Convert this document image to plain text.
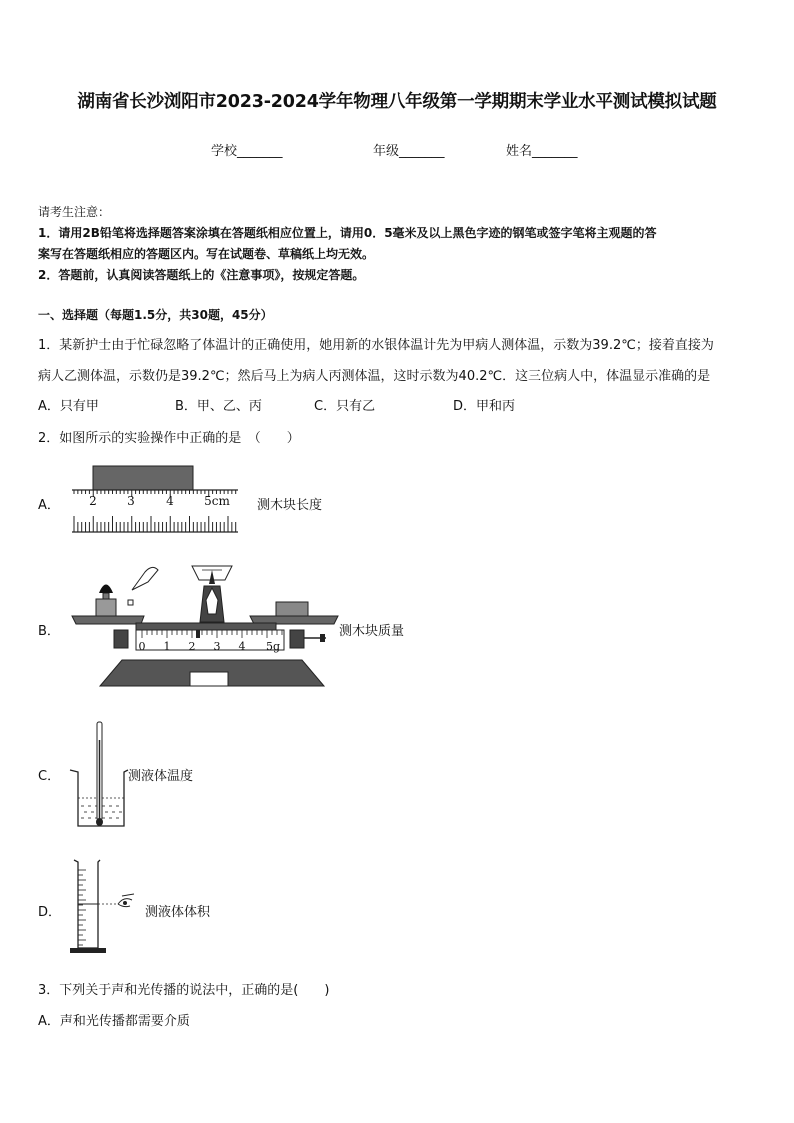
湖南省长沙浏阳市2023-2024学年物理八年级第一学期期末学业水平测试模拟试题
学校_______	年级_______	姓名_______
请考生注意：
1．请用2B铅笔将选择题答案涂填在答题纸相应位置上，请用0．5毫米及以上黑色字迹的钢笔或签字笔将主观题的答
案写在答题纸相应的答题区内。写在试题卷、草稿纸上均无效。
2．答题前，认真阅读答题纸上的《注意事项》，按规定答题。
一、选择题（每题1.5分，共30题，45分）
1．某新护士由于忙碌忽略了体温计的正确使用，她用新的水银体温计先为甲病人测体温，示数为39.2℃；接着直接为
病人乙测体温，示数仍是39.2℃；然后马上为病人丙测体温，这时示数为40.2℃．这三位病人中，体温显示准确的是
A．只有甲	B．甲、乙、丙	C．只有乙	D．甲和丙
2．如图所示的实验操作中正确的是　（　　）
A． 2	3	4	5cm 测木块长度
B．
0 1 2 3 4 5g
测木块质量
C．	测液体温度
D．	测液体体积
3．下列关于声和光传播的说法中，正确的是(　　)
A．声和光传播都需要介质
